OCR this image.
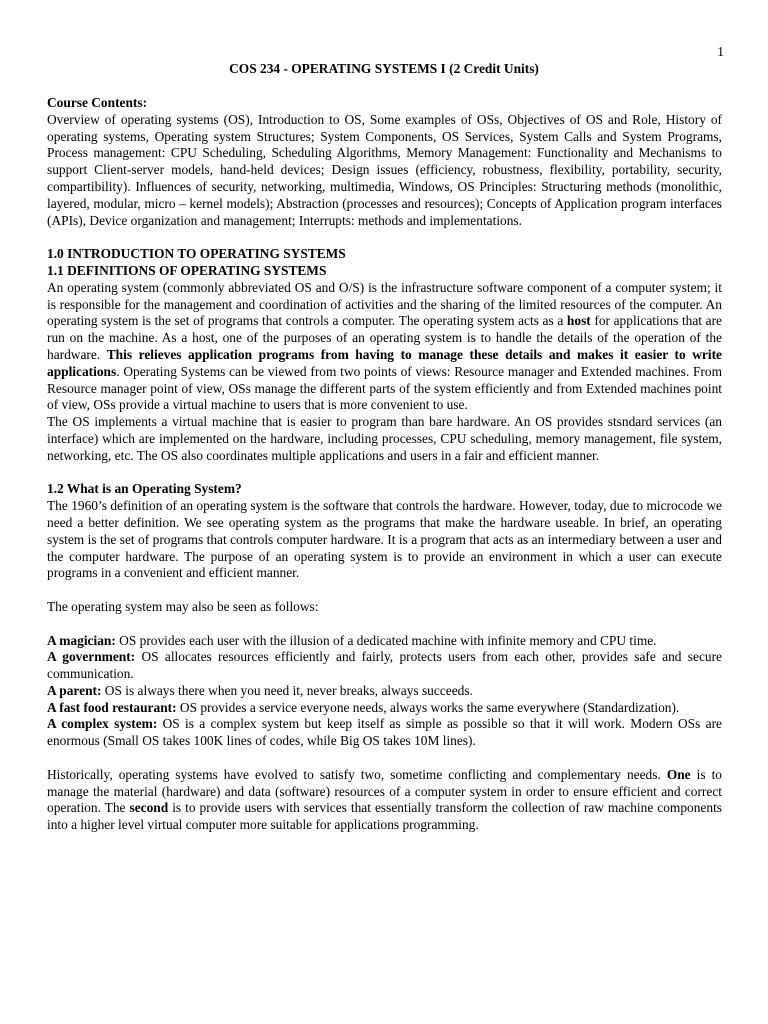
1
COS 234 - OPERATING SYSTEMS I (2 Credit Units)

Course Contents:

Overview of operating systems (OS), Introduction to OS, Some examples of OSs, Objectives of OS and Role, History of operating systems, Operating system Structures; System Components, OS Services, System Calls and System Programs, Process management: CPU Scheduling, Scheduling Algorithms, Memory Management: Functionality and Mechanisms to support Client-server models, hand-held devices; Design issues (efficiency, robustness, flexibility, portability, security, compartibility). Influences of security, networking, multimedia, Windows, OS Principles: Structuring methods (monolithic, layered, modular, micro – kernel models); Abstraction (processes and resources); Concepts of Application program interfaces (APIs), Device organization and management; Interrupts: methods and implementations.

1.0 INTRODUCTION TO OPERATING SYSTEMS

1.1 DEFINITIONS OF OPERATING SYSTEMS

An operating system (commonly abbreviated OS and O/S) is the infrastructure software component of a computer system; it is responsible for the management and coordination of activities and the sharing of the limited resources of the computer. An operating system is the set of programs that controls a computer. The operating system acts as a host for applications that are run on the machine. As a host, one of the purposes of an operating system is to handle the details of the operation of the hardware. This relieves application programs from having to manage these details and makes it easier to write applications. Operating Systems can be viewed from two points of views: Resource manager and Extended machines. From Resource manager point of view, OSs manage the different parts of the system efficiently and from Extended machines point of view, OSs provide a virtual machine to users that is more convenient to use.

The OS implements a virtual machine that is easier to program than bare hardware. An OS provides stsndard services (an interface) which are implemented on the hardware, including processes, CPU scheduling, memory management, file system, networking, etc. The OS also coordinates multiple applications and users in a fair and efficient manner.

1.2 What is an Operating System?

The 1960’s definition of an operating system is the software that controls the hardware. However, today, due to microcode we need a better definition. We see operating system as the programs that make the hardware useable. In brief, an operating system is the set of programs that controls computer hardware. It is a program that acts as an intermediary between a user and the computer hardware. The purpose of an operating system is to provide an environment in which a user can execute programs in a convenient and efficient manner.

The operating system may also be seen as follows:

A magician: OS provides each user with the illusion of a dedicated machine with infinite memory and CPU time.

A government: OS allocates resources efficiently and fairly, protects users from each other, provides safe and secure communication.

A parent: OS is always there when you need it, never breaks, always succeeds.

A fast food restaurant: OS provides a service everyone needs, always works the same everywhere (Standardization).

A complex system: OS is a complex system but keep itself as simple as possible so that it will work. Modern OSs are enormous (Small OS takes 100K lines of codes, while Big OS takes 10M lines).

Historically, operating systems have evolved to satisfy two, sometime conflicting and complementary needs. One is to manage the material (hardware) and data (software) resources of a computer system in order to ensure efficient and correct operation. The second is to provide users with services that essentially transform the collection of raw machine components into a higher level virtual computer more suitable for applications programming.
